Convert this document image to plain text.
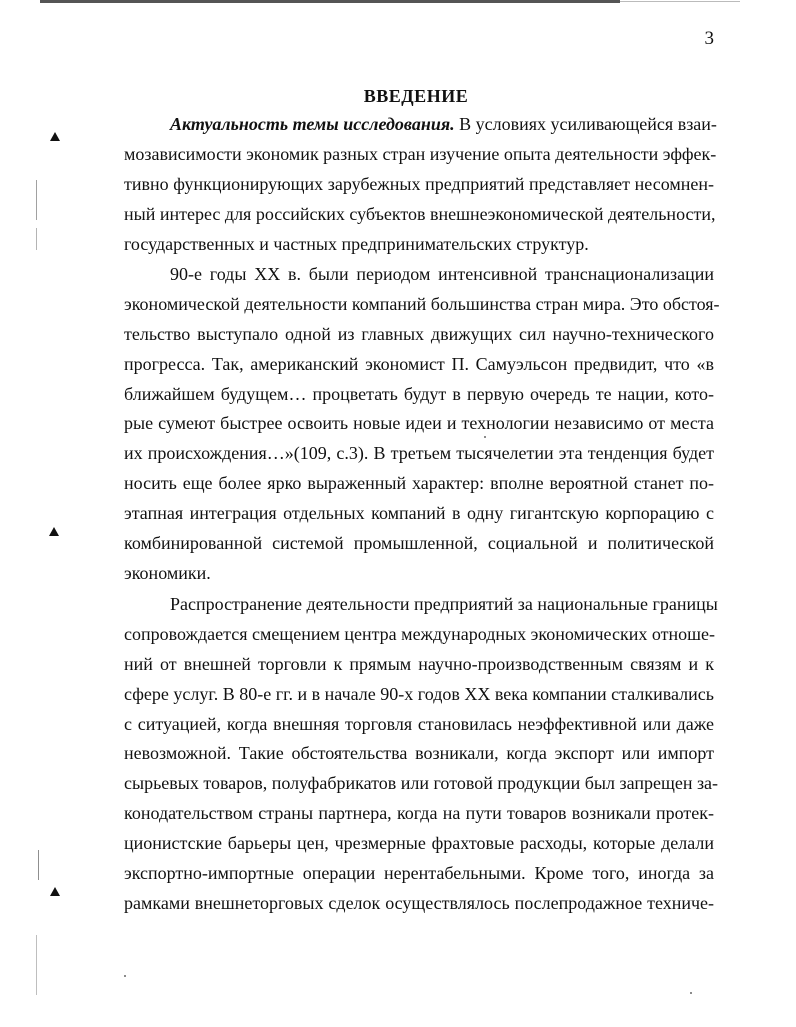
3
ВВЕДЕНИЕ
Актуальность темы исследования. В условиях усиливающейся взаи-
мозависимости экономик разных стран изучение опыта деятельности эффек-
тивно функционирующих зарубежных предприятий представляет несомнен-
ный интерес для российских субъектов внешнеэкономической деятельности,
государственных и частных предпринимательских структур.
90-е годы XX в. были периодом интенсивной транснационализации
экономической деятельности компаний большинства стран мира. Это обстоя-
тельство выступало одной из главных движущих сил научно-технического
прогресса. Так, американский экономист П. Самуэльсон предвидит, что «в
ближайшем будущем… процветать будут в первую очередь те нации, кото-
рые сумеют быстрее освоить новые идеи и технологии независимо от места
их происхождения…»(109, с.3). В третьем тысячелетии эта тенденция будет
носить еще более ярко выраженный характер: вполне вероятной станет по-
этапная интеграция отдельных компаний в одну гигантскую корпорацию с
комбинированной системой промышленной, социальной и политической
экономики.
Распространение деятельности предприятий за национальные границы
сопровождается смещением центра международных экономических отноше-
ний от внешней торговли к прямым научно-производственным связям и к
сфере услуг. В 80-е гг. и в начале 90-х годов XX века компании сталкивались
с ситуацией, когда внешняя торговля становилась неэффективной или даже
невозможной. Такие обстоятельства возникали, когда экспорт или импорт
сырьевых товаров, полуфабрикатов или готовой продукции был запрещен за-
конодательством страны партнера, когда на пути товаров возникали протек-
ционистские барьеры цен, чрезмерные фрахтовые расходы, которые делали
экспортно-импортные операции нерентабельными. Кроме того, иногда за
рамками внешнеторговых сделок осуществлялось послепродажное техниче-
